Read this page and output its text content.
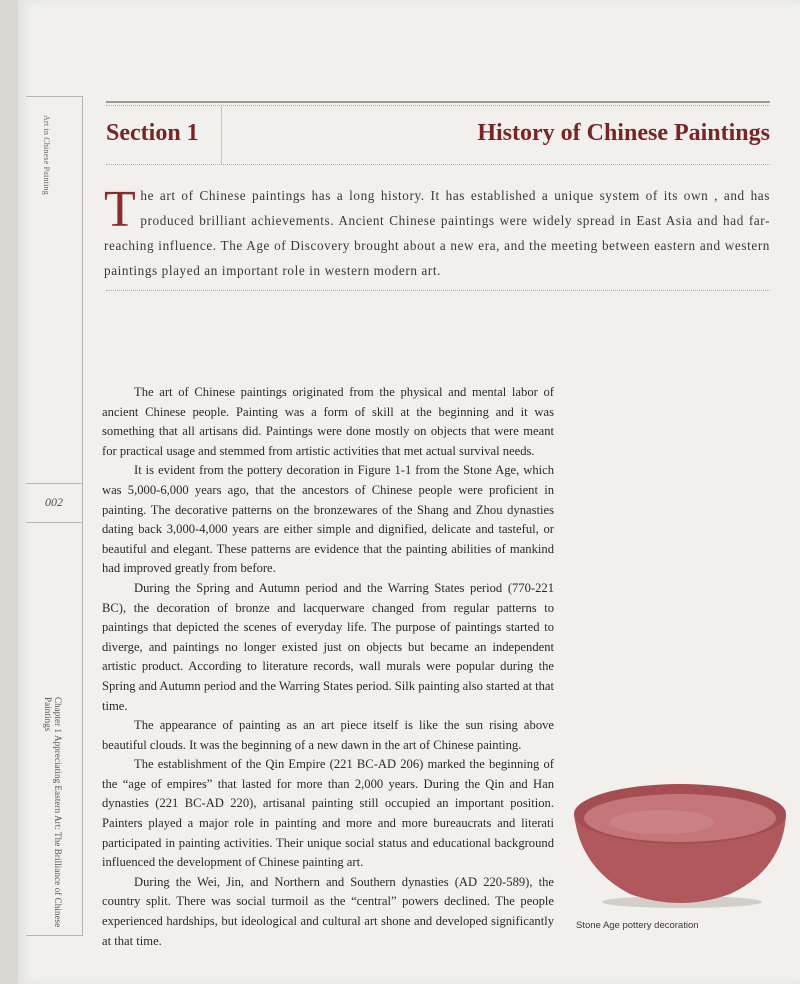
Art in Chinese Painting
002
Chapter 1 Appreciating Eastern Art: The Brilliance of Chinese Paintings
Section 1	History of Chinese Paintings
T he art of Chinese paintings has a long history. It has established a unique system of its own , and has produced brilliant achievements. Ancient Chinese paintings were widely spread in East Asia and had far-reaching influence. The Age of Discovery brought about a new era, and the meeting between eastern and western paintings played an important role in western modern art.

The art of Chinese paintings originated from the physical and mental labor of ancient Chinese people. Painting was a form of skill at the beginning and it was something that all artisans did. Paintings were done mostly on objects that were meant for practical usage and stemmed from artistic activities that met actual survival needs.

It is evident from the pottery decoration in Figure 1-1 from the Stone Age, which was 5,000-6,000 years ago, that the ancestors of Chinese people were proficient in painting. The decorative patterns on the bronzewares of the Shang and Zhou dynasties dating back 3,000-4,000 years are either simple and dignified, delicate and tasteful, or beautiful and elegant. These patterns are evidence that the painting abilities of mankind had improved greatly from before.

During the Spring and Autumn period and the Warring States period (770-221 BC), the decoration of bronze and lacquerware changed from regular patterns to paintings that depicted the scenes of everyday life. The purpose of paintings started to diverge, and paintings no longer existed just on objects but became an independent artistic product. According to literature records, wall murals were popular during the Spring and Autumn period and the Warring States period. Silk painting also started at that time.

The appearance of painting as an art piece itself is like the sun rising above beautiful clouds. It was the beginning of a new dawn in the art of Chinese painting.

The establishment of the Qin Empire (221 BC-AD 206) marked the beginning of the “age of empires” that lasted for more than 2,000 years. During the Qin and Han dynasties (221 BC-AD 220), artisanal painting still occupied an important position. Painters played a major role in painting and more and more bureaucrats and literati participated in painting activities. Their unique social status and educational background influenced the development of Chinese painting art.

During the Wei, Jin, and Northern and Southern dynasties (AD 220-589), the country split. There was social turmoil as the “central” powers declined. The people experienced hardships, but ideological and cultural art shone and developed significantly at that time.

Stone Age pottery decoration
